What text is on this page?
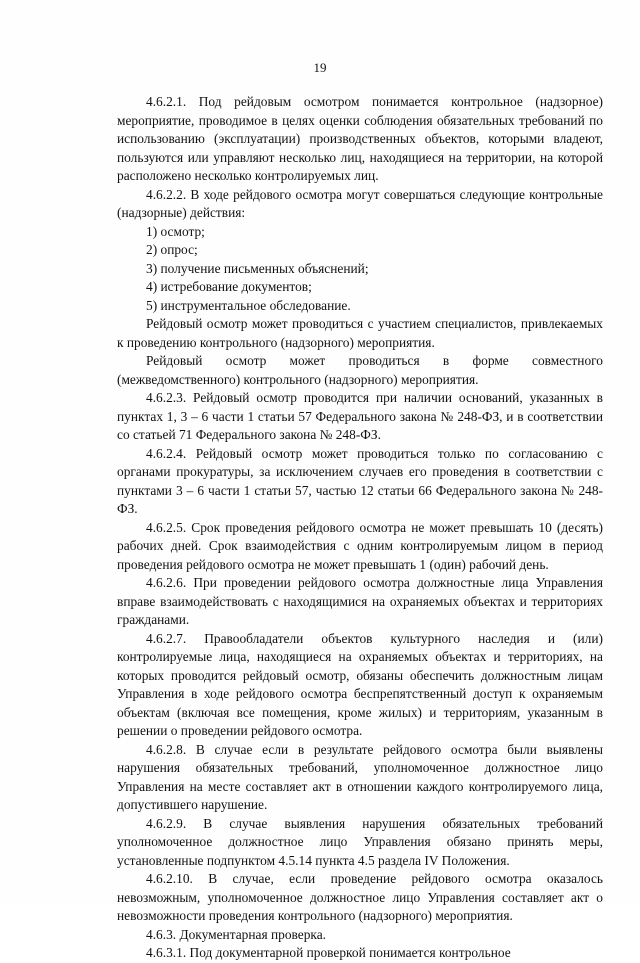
19

4.6.2.1. Под рейдовым осмотром понимается контрольное (надзорное) мероприятие, проводимое в целях оценки соблюдения обязательных требований по использованию (эксплуатации) производственных объектов, которыми владеют, пользуются или управляют несколько лиц, находящиеся на территории, на которой расположено несколько контролируемых лиц.

4.6.2.2. В ходе рейдового осмотра могут совершаться следующие контрольные (надзорные) действия:

1) осмотр;

2) опрос;

3) получение письменных объяснений;

4) истребование документов;

5) инструментальное обследование.

Рейдовый осмотр может проводиться с участием специалистов, привлекаемых к проведению контрольного (надзорного) мероприятия.

Рейдовый осмотр может проводиться в форме совместного (межведомственного) контрольного (надзорного) мероприятия.

4.6.2.3. Рейдовый осмотр проводится при наличии оснований, указанных в пунктах 1, 3 – 6 части 1 статьи 57 Федерального закона № 248-ФЗ, и в соответствии со статьей 71 Федерального закона № 248-ФЗ.

4.6.2.4. Рейдовый осмотр может проводиться только по согласованию с органами прокуратуры, за исключением случаев его проведения в соответствии с пунктами 3 – 6 части 1 статьи 57, частью 12 статьи 66 Федерального закона № 248-ФЗ.

4.6.2.5. Срок проведения рейдового осмотра не может превышать 10 (десять) рабочих дней. Срок взаимодействия с одним контролируемым лицом в период проведения рейдового осмотра не может превышать 1 (один) рабочий день.

4.6.2.6. При проведении рейдового осмотра должностные лица Управления вправе взаимодействовать с находящимися на охраняемых объектах и территориях гражданами.

4.6.2.7. Правообладатели объектов культурного наследия и (или) контролируемые лица, находящиеся на охраняемых объектах и территориях, на которых проводится рейдовый осмотр, обязаны обеспечить должностным лицам Управления в ходе рейдового осмотра беспрепятственный доступ к охраняемым объектам (включая все помещения, кроме жилых) и территориям, указанным в решении о проведении рейдового осмотра.

4.6.2.8. В случае если в результате рейдового осмотра были выявлены нарушения обязательных требований, уполномоченное должностное лицо Управления на месте составляет акт в отношении каждого контролируемого лица, допустившего нарушение.

4.6.2.9. В случае выявления нарушения обязательных требований уполномоченное должностное лицо Управления обязано принять меры, установленные подпунктом 4.5.14 пункта 4.5 раздела IV Положения.

4.6.2.10. В случае, если проведение рейдового осмотра оказалось невозможным, уполномоченное должностное лицо Управления составляет акт о невозможности проведения контрольного (надзорного) мероприятия.

4.6.3. Документарная проверка.

4.6.3.1. Под документарной проверкой понимается контрольное
